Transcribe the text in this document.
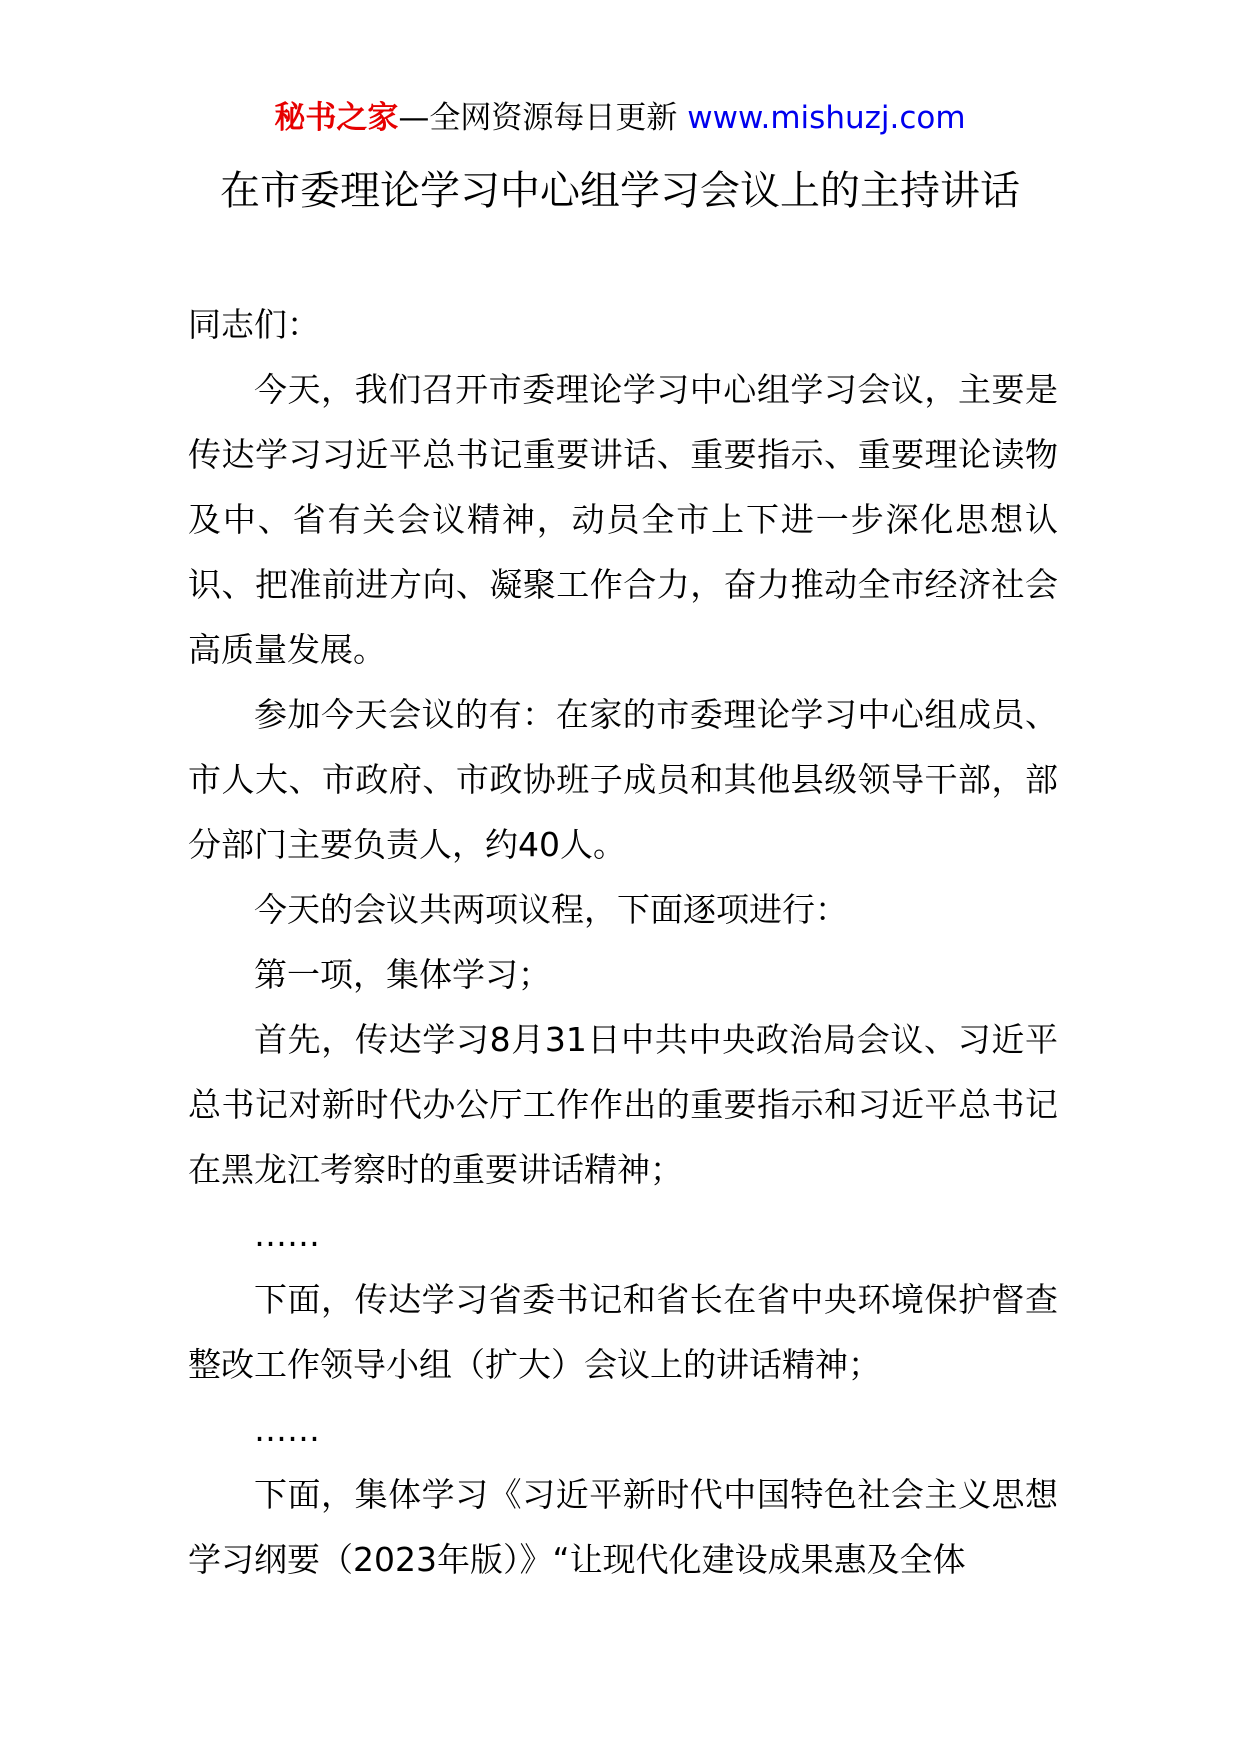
秘书之家—全网资源每日更新 www.mishuzj.com
在市委理论学习中心组学习会议上的主持讲话

同志们：

今天，我们召开市委理论学习中心组学习会议，主要是传达学习习近平总书记重要讲话、重要指示、重要理论读物及中、省有关会议精神，动员全市上下进一步深化思想认识、把准前进方向、凝聚工作合力，奋力推动全市经济社会高质量发展。

参加今天会议的有：在家的市委理论学习中心组成员、市人大、市政府、市政协班子成员和其他县级领导干部，部分部门主要负责人，约40人。

今天的会议共两项议程，下面逐项进行：

第一项，集体学习；

首先，传达学习8月31日中共中央政治局会议、习近平总书记对新时代办公厅工作作出的重要指示和习近平总书记在黑龙江考察时的重要讲话精神；

……

下面，传达学习省委书记和省长在省中央环境保护督查整改工作领导小组（扩大）会议上的讲话精神；

……

下面，集体学习《习近平新时代中国特色社会主义思想学习纲要（2023年版）》“让现代化建设成果惠及全体
